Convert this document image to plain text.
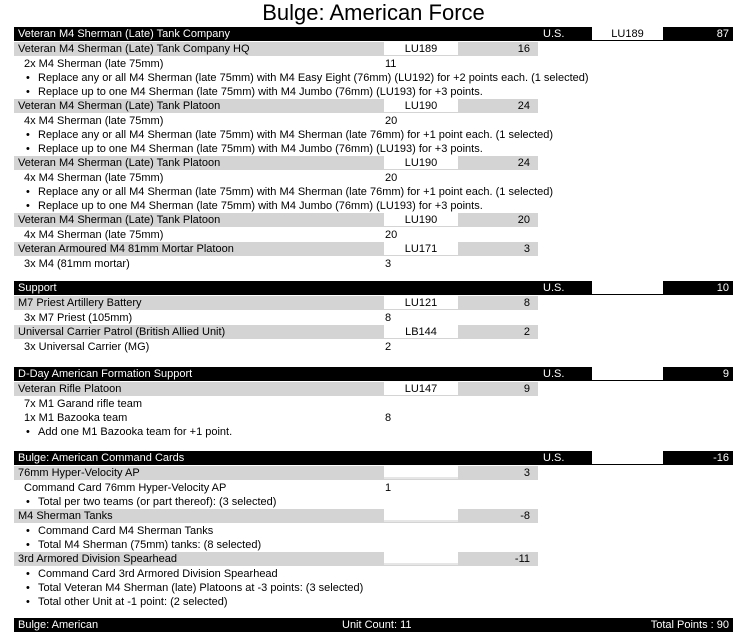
Bulge: American Force
Veteran M4 Sherman (Late) Tank Company	U.S.	LU189	87
Veteran M4 Sherman (Late) Tank Company HQ	LU189	16
2x M4 Sherman (late 75mm)	11
• Replace any or all M4 Sherman (late 75mm) with M4 Easy Eight (76mm) (LU192) for +2 points each. (1 selected)
• Replace up to one M4 Sherman (late 75mm) with M4 Jumbo (76mm) (LU193) for +3 points.
Veteran M4 Sherman (Late) Tank Platoon	LU190	24
4x M4 Sherman (late 75mm)	20
• Replace any or all M4 Sherman (late 75mm) with M4 Sherman (late 76mm) for +1 point each. (1 selected)
• Replace up to one M4 Sherman (late 75mm) with M4 Jumbo (76mm) (LU193) for +3 points.
Veteran M4 Sherman (Late) Tank Platoon	LU190	24
4x M4 Sherman (late 75mm)	20
• Replace any or all M4 Sherman (late 75mm) with M4 Sherman (late 76mm) for +1 point each. (1 selected)
• Replace up to one M4 Sherman (late 75mm) with M4 Jumbo (76mm) (LU193) for +3 points.
Veteran M4 Sherman (Late) Tank Platoon	LU190	20
4x M4 Sherman (late 75mm)	20
Veteran Armoured M4 81mm Mortar Platoon	LU171	3
3x M4 (81mm mortar)	3
Support	U.S.	10
M7 Priest Artillery Battery	LU121	8
3x M7 Priest (105mm)	8
Universal Carrier Patrol (British Allied Unit)	LB144	2
3x Universal Carrier (MG)	2
D-Day American Formation Support	U.S.	9
Veteran Rifle Platoon	LU147	9
7x M1 Garand rifle team
1x M1 Bazooka team	8
• Add one M1 Bazooka team for +1 point.
Bulge: American Command Cards	U.S.	-16
76mm Hyper-Velocity AP	3
Command Card 76mm Hyper-Velocity AP	1
• Total per two teams (or part thereof): (3 selected)
M4 Sherman Tanks	-8
• Command Card M4 Sherman Tanks
• Total M4 Sherman (75mm) tanks: (8 selected)
3rd Armored Division Spearhead	-11
• Command Card 3rd Armored Division Spearhead
• Total Veteran M4 Sherman (late) Platoons at -3 points: (3 selected)
• Total other Unit at -1 point: (2 selected)
Bulge: American	Unit Count: 11	Total Points : 90
